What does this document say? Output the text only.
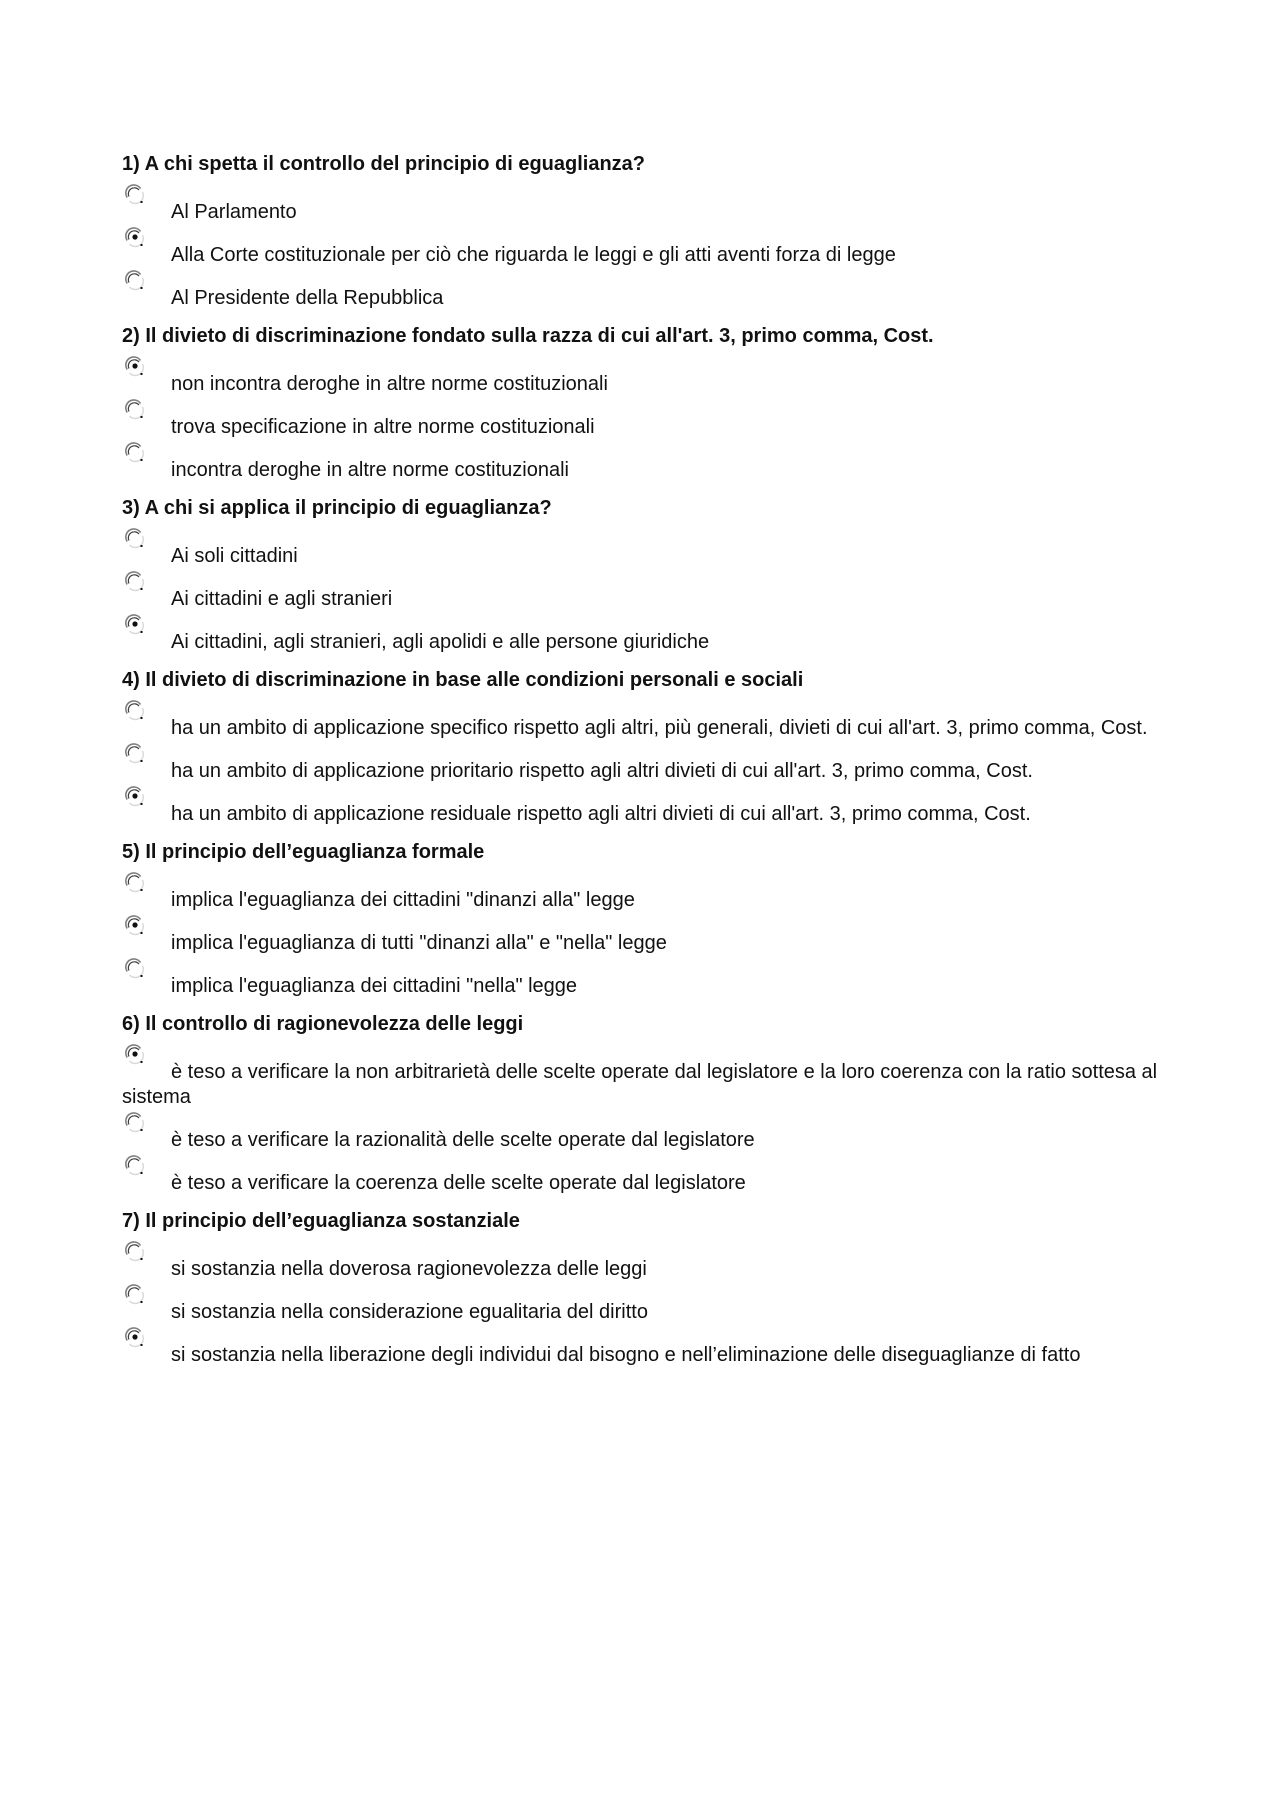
1) A chi spetta il controllo del principio di eguaglianza?
Al Parlamento
Alla Corte costituzionale per ciò che riguarda le leggi e gli atti aventi forza di legge
Al Presidente della Repubblica
2) Il divieto di discriminazione fondato sulla razza di cui all'art. 3, primo comma, Cost.
non incontra deroghe in altre norme costituzionali
trova specificazione in altre norme costituzionali
incontra deroghe in altre norme costituzionali
3) A chi si applica il principio di eguaglianza?
Ai soli cittadini
Ai cittadini e agli stranieri
Ai cittadini, agli stranieri, agli apolidi e alle persone giuridiche
4) Il divieto di discriminazione in base alle condizioni personali e sociali
ha un ambito di applicazione specifico rispetto agli altri, più generali, divieti di cui all'art. 3, primo comma, Cost.
ha un ambito di applicazione prioritario rispetto agli altri divieti di cui all'art. 3, primo comma, Cost.
ha un ambito di applicazione residuale rispetto agli altri divieti di cui all'art. 3, primo comma, Cost.
5) Il principio dell’eguaglianza formale
implica l'eguaglianza dei cittadini "dinanzi alla" legge
implica l'eguaglianza di tutti "dinanzi alla" e "nella" legge
implica l'eguaglianza dei cittadini "nella" legge
6) Il controllo di ragionevolezza delle leggi
è teso a verificare la non arbitrarietà delle scelte operate dal legislatore e la loro coerenza con la ratio sottesa al sistema
è teso a verificare la razionalità delle scelte operate dal legislatore
è teso a verificare la coerenza delle scelte operate dal legislatore
7) Il principio dell’eguaglianza sostanziale
si sostanzia nella doverosa ragionevolezza delle leggi
si sostanzia nella considerazione egualitaria del diritto
si sostanzia nella liberazione degli individui dal bisogno e nell’eliminazione delle diseguaglianze di fatto
